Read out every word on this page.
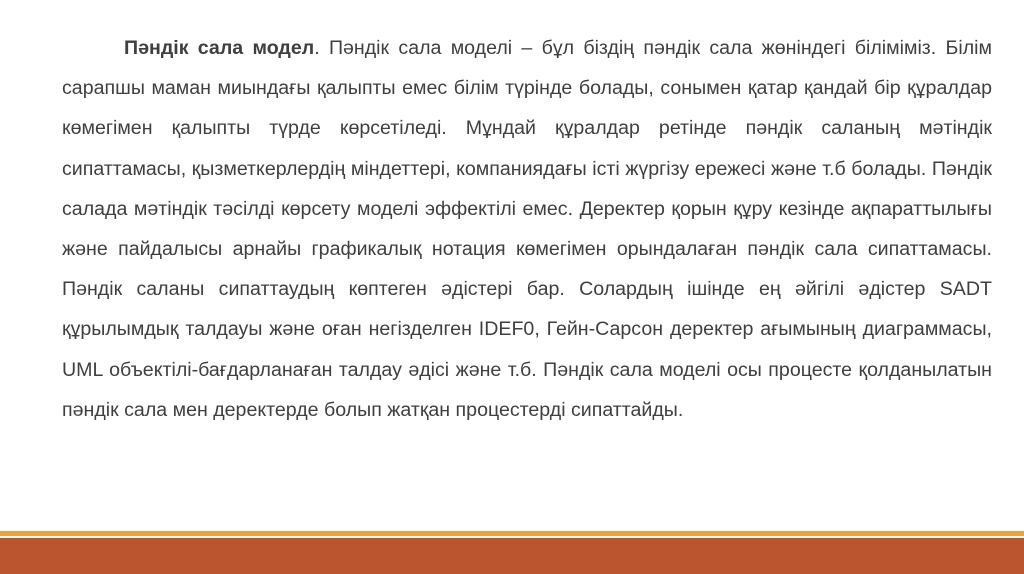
Пәндік сала модел. Пәндік сала моделі – бұл біздің пәндік сала жөніндегі біліміміз. Білім сарапшы маман миындағы қалыпты емес білім түрінде болады, сонымен қатар қандай бір құралдар көмегімен қалыпты түрде көрсетіледі. Мұндай құралдар ретінде пәндік саланың мәтіндік сипаттамасы, қызметкерлердің міндеттері, компаниядағы істі жүргізу ережесі және т.б болады. Пәндік салада мәтіндік тәсілді көрсету моделі эффектілі емес. Деректер қорын құру кезінде ақпараттылығы және пайдалысы арнайы графикалық нотация көмегімен орындалаған пәндік сала сипаттамасы. Пәндік саланы сипаттаудың көптеген әдістері бар. Солардың ішінде ең әйгілі әдістер SADT құрылымдық талдауы және оған негізделген IDEF0, Гейн-Сарсон деректер ағымының диаграммасы, UML объектілі-бағдарланаған талдау әдісі және т.б. Пәндік сала моделі осы процесте қолданылатын пәндік сала мен деректерде болып жатқан процестерді сипаттайды.
